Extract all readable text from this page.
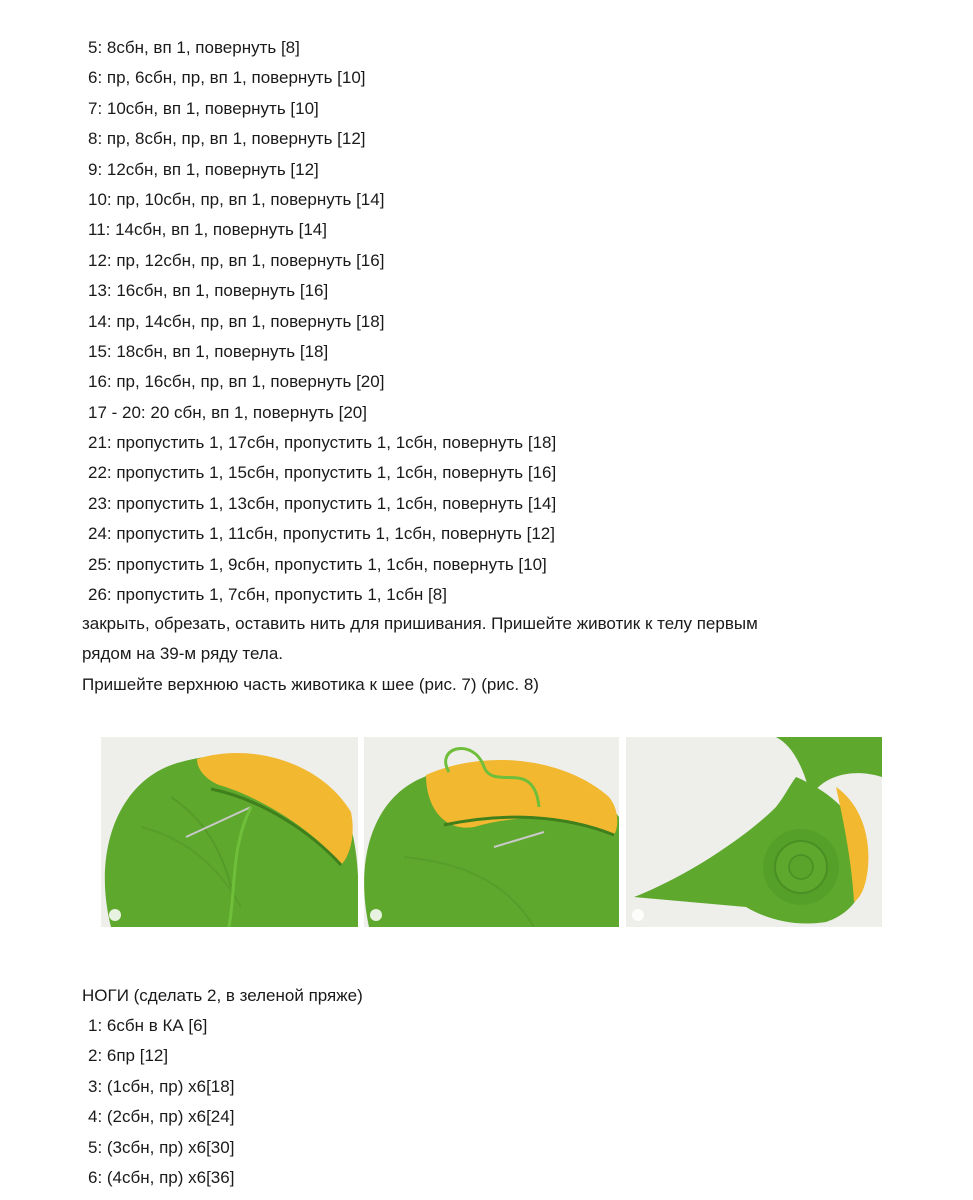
5: 8сбн, вп 1, повернуть [8]
6: пр, 6сбн, пр, вп 1, повернуть [10]
7: 10сбн, вп 1, повернуть [10]
8: пр, 8сбн, пр, вп 1, повернуть [12]
9: 12сбн, вп 1, повернуть [12]
10: пр, 10сбн, пр, вп 1, повернуть [14]
11: 14сбн, вп 1, повернуть [14]
12: пр, 12сбн, пр, вп 1, повернуть [16]
13: 16сбн, вп 1, повернуть [16]
14: пр, 14сбн, пр, вп 1, повернуть [18]
15: 18сбн, вп 1, повернуть [18]
16: пр, 16сбн, пр, вп 1, повернуть [20]
17 - 20: 20 сбн, вп 1, повернуть [20]
21: пропустить 1, 17сбн, пропустить 1, 1сбн, повернуть [18]
22: пропустить 1, 15сбн, пропустить 1, 1сбн, повернуть [16]
23: пропустить 1, 13сбн, пропустить 1, 1сбн, повернуть [14]
24: пропустить 1, 11сбн, пропустить 1, 1сбн, повернуть [12]
25: пропустить 1, 9сбн, пропустить 1, 1сбн, повернуть [10]
26: пропустить 1, 7сбн, пропустить 1, 1сбн [8]
закрыть, обрезать, оставить нить для пришивания. Пришейте животик к телу первым
рядом на 39-м ряду тела.
Пришейте верхнюю часть животика к шее (рис. 7) (рис. 8)
НОГИ (сделать 2, в зеленой пряже)
1: 6сбн в КА [6]
2: 6пр [12]
3: (1сбн, пр) х6[18]
4: (2сбн, пр) х6[24]
5: (3сбн, пр) х6[30]
6: (4сбн, пр) х6[36]
